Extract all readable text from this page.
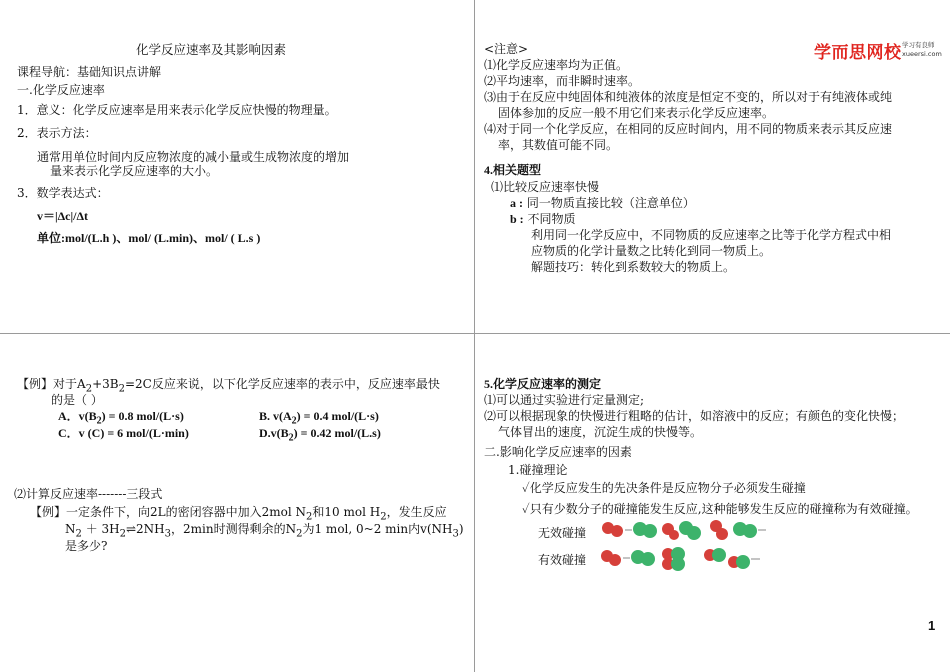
化学反应速率及其影响因素
课程导航：基础知识点讲解
一.化学反应速率
1．意义：化学反应速率是用来表示化学反应快慢的物理量。
2．表示方法：
通常用单位时间内反应物浓度的减小量或生成物浓度的增加
量来表示化学反应速率的大小。
3．数学表达式：
v＝|Δc|/Δt
单位:mol/(L.h )、mol/ (L.min)、mol/ ( L.s )
学而思网校 学习有良师
xueersi.com
<注意>
⑴化学反应速率均为正值。
⑵平均速率，而非瞬时速率。
⑶由于在反应中纯固体和纯液体的浓度是恒定不变的，所以对于有纯液体或纯
固体参加的反应一般不用它们来表示化学反应速率。
⑷对于同一个化学反应，在相同的反应时间内，用不同的物质来表示其反应速
率，其数值可能不同。
4.相关题型
⑴比较反应速率快慢
a : 同一物质直接比较（注意单位）
b : 不同物质
利用同一化学反应中，不同物质的反应速率之比等于化学方程式中相
应物质的化学计量数之比转化到同一物质上。
解题技巧：转化到系数较大的物质上。
【例】对于$A_2+3B_2=2C$反应来说，以下化学反应速率的表示中，反应速率最快
的是（ ）
A．$v(B_2) = 0.8$ mol/(L·s)	B. $v(A_2) = 0.4$ mol/(L·s)
C．v (C) = 6 mol/(L·min)	$D.v(B_2) = 0.42$ mol/(L.s)
⑵计算反应速率-------三段式
【例】一定条件下，向2L的密闭容器中加入2mol $N_2$和10 mol $H_2$，发生反应
$N_2$ ＋ $3H_2\rightleftharpoons 2NH_3$，2min时测得剩余的$N_2$为1 mol, 0~2 min内$v(NH_3)$
是多少?
5.化学反应速率的测定
⑴可以通过实验进行定量测定;
⑵可以根据现象的快慢进行粗略的估计，如溶液中的反应；有颜色的变化快慢；
气体冒出的速度，沉淀生成的快慢等。
二.影响化学反应速率的因素
1.碰撞理论
✓化学反应发生的先决条件是反应物分子必须发生碰撞
✓只有少数分子的碰撞能发生反应,这种能够发生反应的碰撞称为有效碰撞。
无效碰撞
有效碰撞
1
